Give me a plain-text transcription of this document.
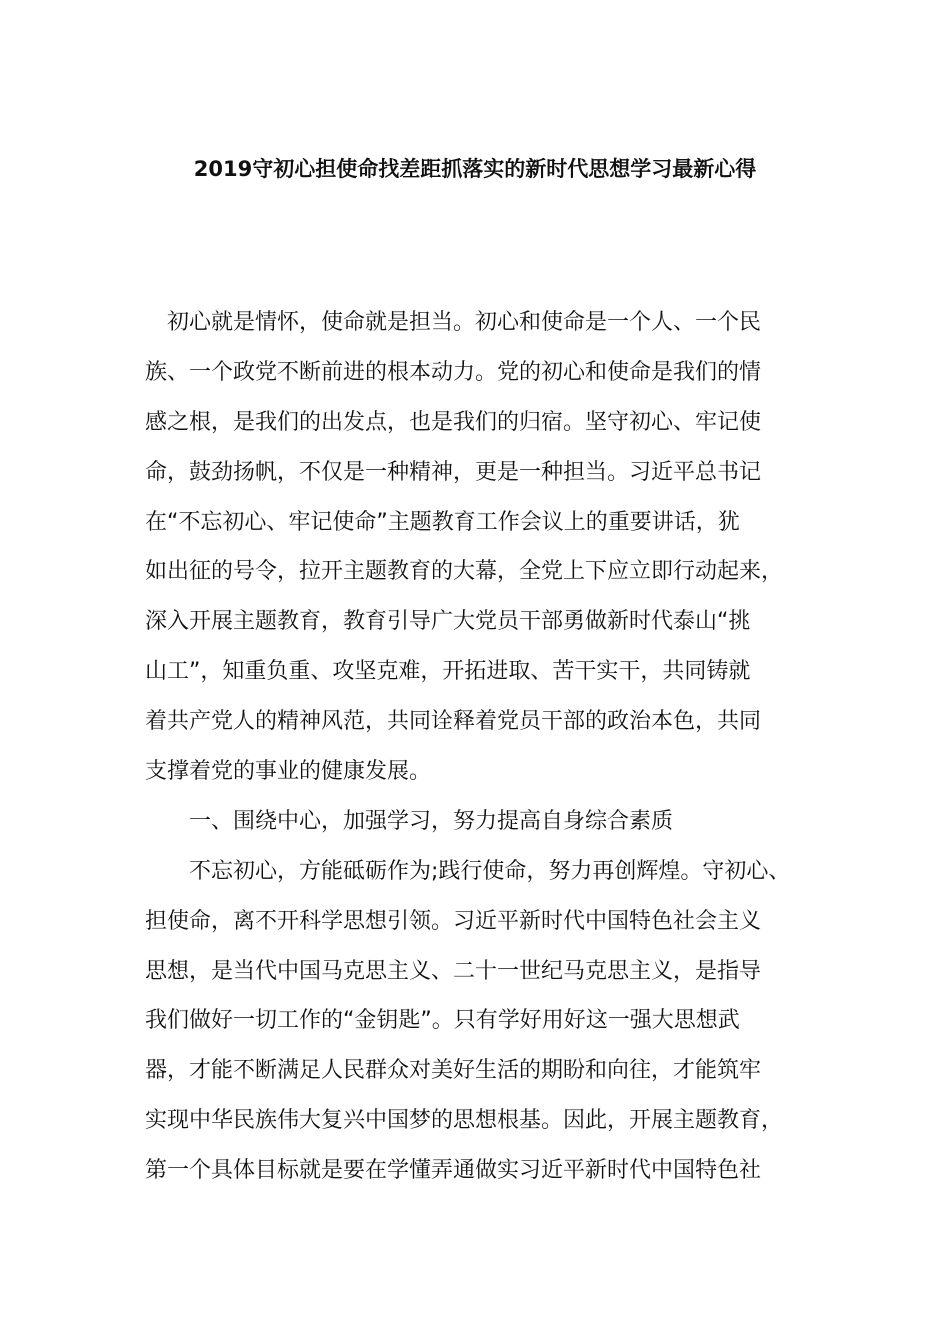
2019守初心担使命找差距抓落实的新时代思想学习最新心得
初心就是情怀，使命就是担当。初心和使命是一个人、一个民
族、一个政党不断前进的根本动力。党的初心和使命是我们的情
感之根，是我们的出发点，也是我们的归宿。坚守初心、牢记使
命，鼓劲扬帆，不仅是一种精神，更是一种担当。习近平总书记
在“不忘初心、牢记使命”主题教育工作会议上的重要讲话，犹
如出征的号令，拉开主题教育的大幕，全党上下应立即行动起来，
深入开展主题教育，教育引导广大党员干部勇做新时代泰山“挑
山工”，知重负重、攻坚克难，开拓进取、苦干实干，共同铸就
着共产党人的精神风范，共同诠释着党员干部的政治本色，共同
支撑着党的事业的健康发展。
一、围绕中心，加强学习，努力提高自身综合素质
不忘初心，方能砥砺作为;践行使命，努力再创辉煌。守初心、
担使命，离不开科学思想引领。习近平新时代中国特色社会主义
思想，是当代中国马克思主义、二十一世纪马克思主义，是指导
我们做好一切工作的“金钥匙”。只有学好用好这一强大思想武
器，才能不断满足人民群众对美好生活的期盼和向往，才能筑牢
实现中华民族伟大复兴中国梦的思想根基。因此，开展主题教育，
第一个具体目标就是要在学懂弄通做实习近平新时代中国特色社
